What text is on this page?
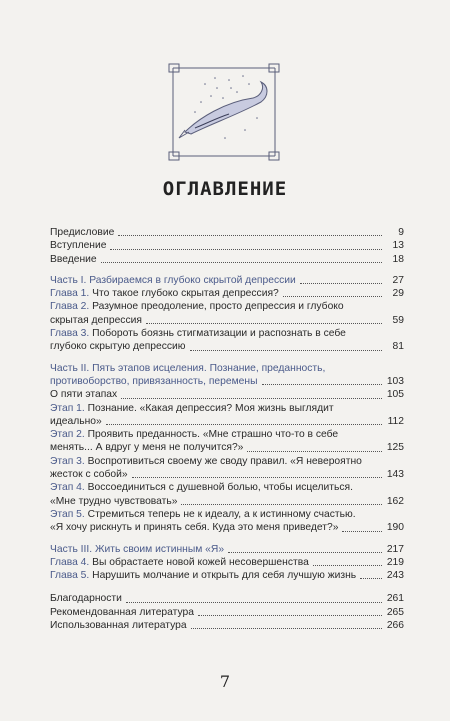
ОГЛАВЛЕНИЕ
Предисловие	9
Вступление	13
Введение	18
Часть I. Разбираемся в глубоко скрытой депрессии	27
Глава 1. Что такое глубоко скрытая депрессия?	29
Глава 2. Разумное преодоление, просто депрессия и глубоко
скрытая депрессия	59
Глава 3. Побороть боязнь стигматизации и распознать в себе
глубоко скрытую депрессию	81
Часть II. Пять этапов исцеления. Познание, преданность,
противоборство, привязанность, перемены	103
О пяти этапах	105
Этап 1. Познание. «Какая депрессия? Моя жизнь выглядит
идеально»	112
Этап 2. Проявить преданность. «Мне страшно что-то в себе
менять... А вдруг у меня не получится?»	125
Этап 3. Воспротивиться своему же своду правил. «Я невероятно
жесток с собой»	143
Этап 4. Воссоединиться с душевной болью, чтобы исцелиться.
«Мне трудно чувствовать»	162
Этап 5. Стремиться теперь не к идеалу, а к истинному счастью.
«Я хочу рискнуть и принять себя. Куда это меня приведет?»	190
Часть III. Жить своим истинным «Я»	217
Глава 4. Вы обрастаете новой кожей несовершенства	219
Глава 5. Нарушить молчание и открыть для себя лучшую жизнь	243
Благодарности	261
Рекомендованная литература	265
Использованная литература	266
7
